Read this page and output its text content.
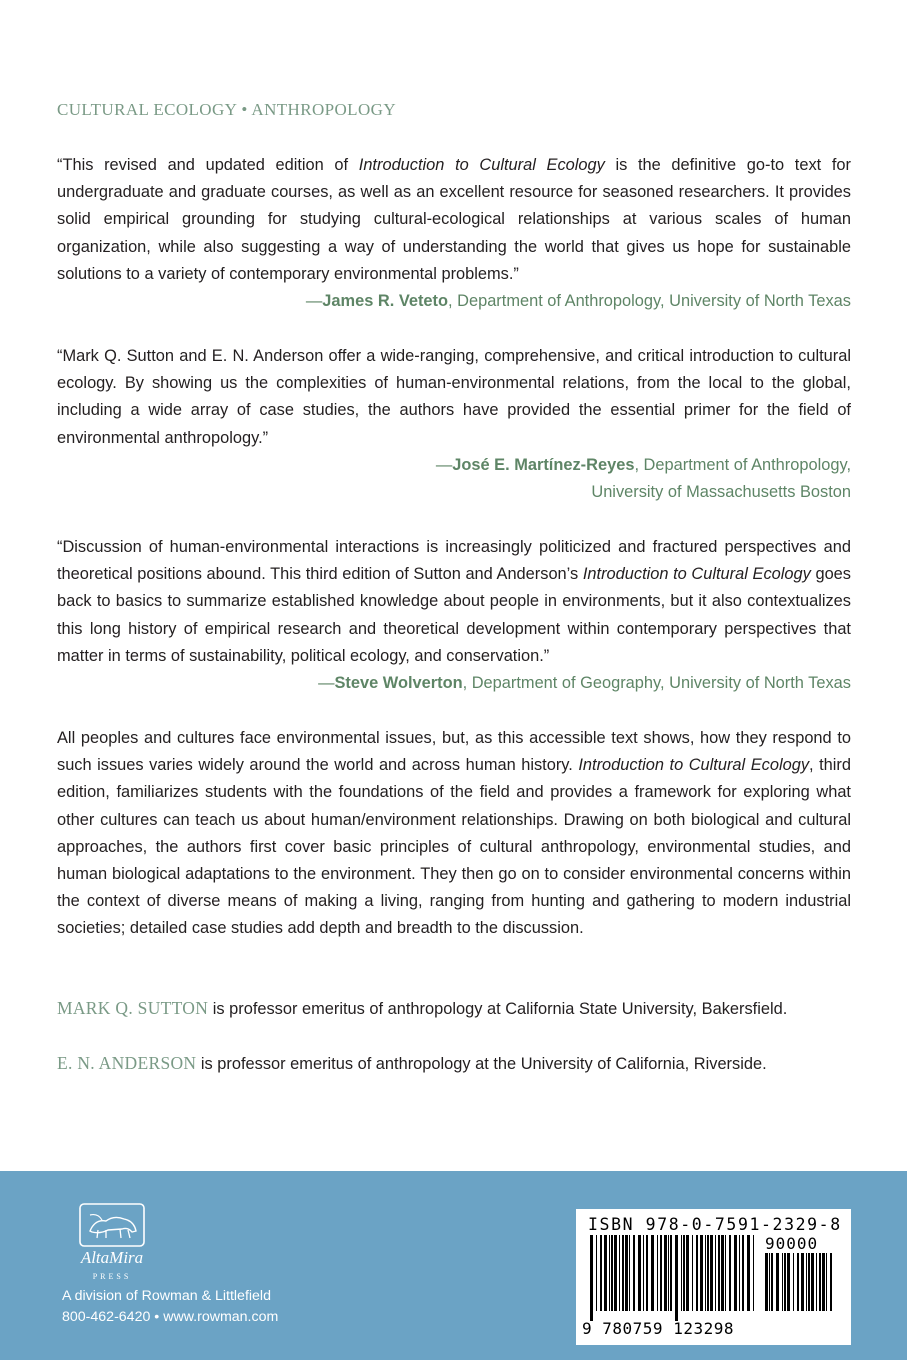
CULTURAL ECOLOGY • ANTHROPOLOGY

“This revised and updated edition of Introduction to Cultural Ecology is the definitive go-to text for undergraduate and graduate courses, as well as an excellent resource for seasoned researchers. It provides solid empirical grounding for studying cultural-ecological relationships at various scales of human organization, while also suggesting a way of understanding the world that gives us hope for sustainable solutions to a variety of contemporary environmental problems.”

—James R. Veteto, Department of Anthropology, University of North Texas

“Mark Q. Sutton and E. N. Anderson offer a wide-ranging, comprehensive, and critical introduction to cultural ecology. By showing us the complexities of human-environmental relations, from the local to the global, including a wide array of case studies, the authors have provided the essential primer for the field of environmental anthropology.”

—José E. Martínez-Reyes, Department of Anthropology,
University of Massachusetts Boston

“Discussion of human-environmental interactions is increasingly politicized and fractured perspectives and theoretical positions abound. This third edition of Sutton and Anderson’s Introduction to Cultural Ecology goes back to basics to summarize established knowledge about people in environments, but it also contextualizes this long history of empirical research and theoretical development within contemporary perspectives that matter in terms of sustainability, political ecology, and conservation.”

—Steve Wolverton, Department of Geography, University of North Texas

All peoples and cultures face environmental issues, but, as this accessible text shows, how they respond to such issues varies widely around the world and across human history. Introduction to Cultural Ecology, third edition, familiarizes students with the foundations of the field and provides a framework for exploring what other cultures can teach us about human/environment relationships. Drawing on both biological and cultural approaches, the authors first cover basic principles of cultural anthropology, environmental studies, and human biological adaptations to the environment. They then go on to consider environmental concerns within the context of diverse means of making a living, ranging from hunting and gathering to modern industrial societies; detailed case studies add depth and breadth to the discussion.

MARK Q. SUTTON is professor emeritus of anthropology at California State University, Bakersfield.
E. N. ANDERSON is professor emeritus of anthropology at the University of California, Riverside.
AltaMira
PRESS
A division of Rowman & Littlefield
800-462-6420 • www.rowman.com
ISBN 978-0-7591-2329-8
90000
9 780759 123298
